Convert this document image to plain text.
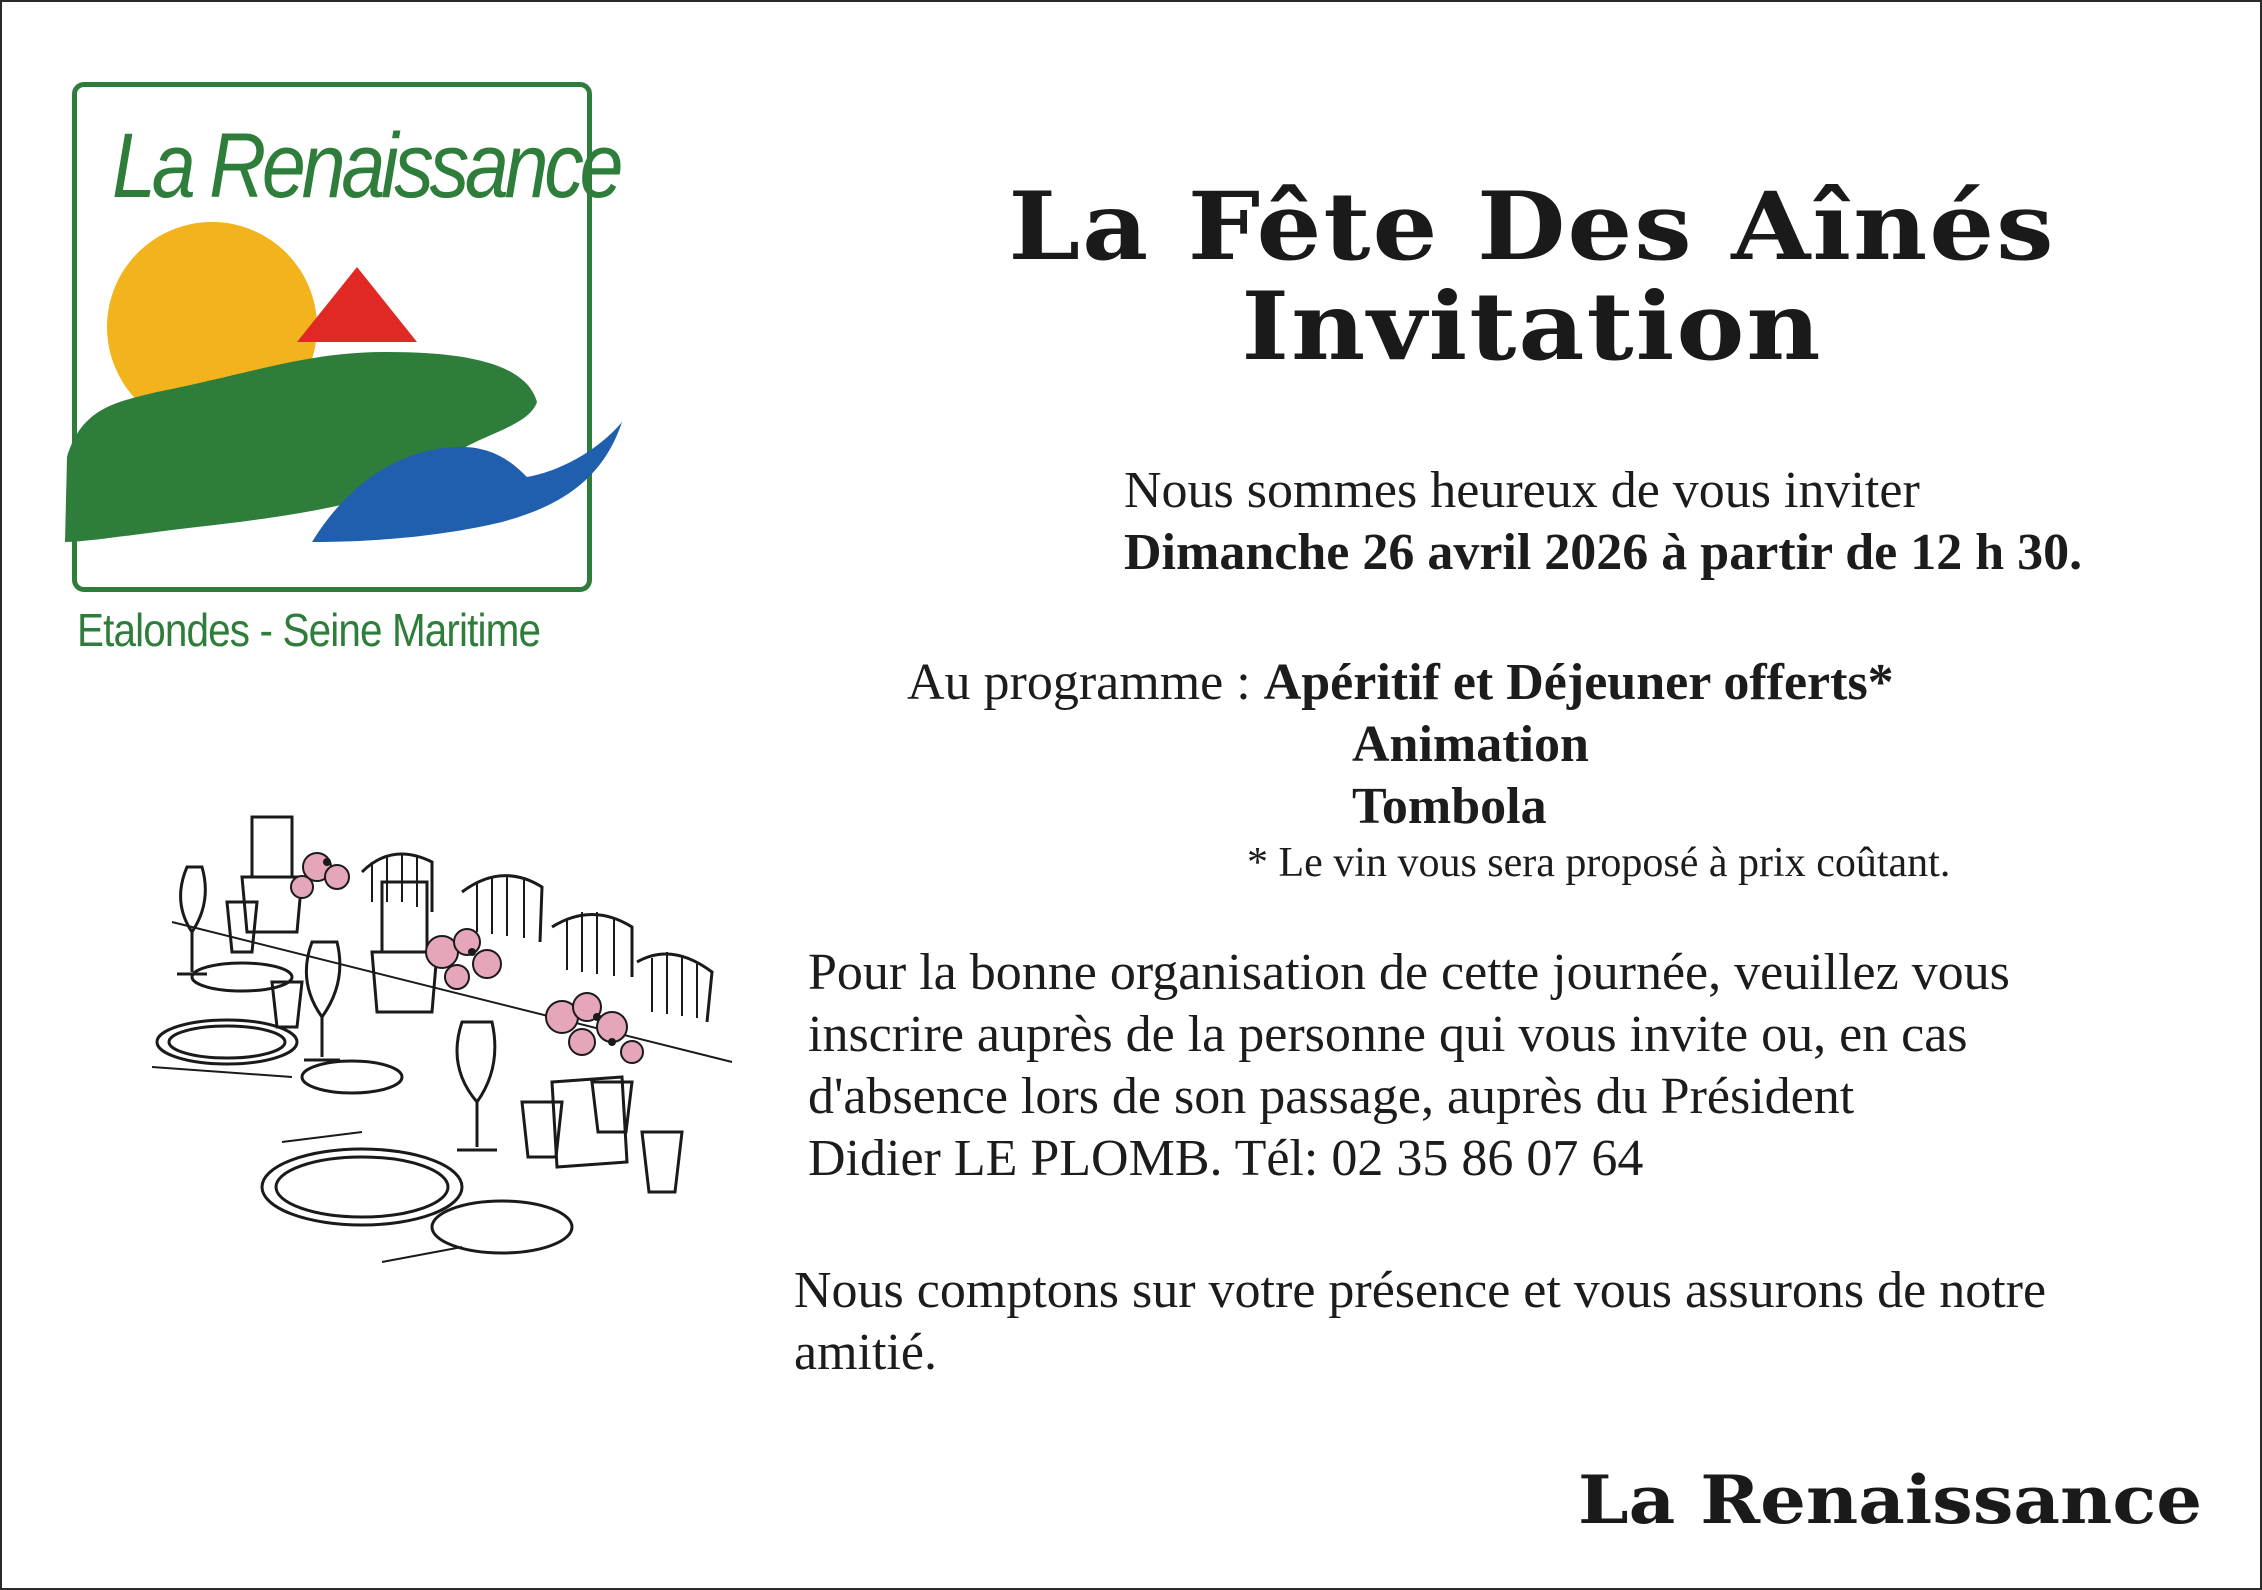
La Renaissance
Etalondes - Seine Maritime
La Fête Des Aînés
Invitation
Nous sommes heureux de vous inviter
Dimanche 26 avril 2026 à partir de 12 h 30.
Au programme : Apéritif et Déjeuner offerts*
Animation
Tombola
* Le vin vous sera proposé à prix coûtant.
Pour la bonne organisation de cette journée, veuillez vous
inscrire auprès de la personne qui vous invite ou, en cas
d'absence lors de son passage, auprès du Président
Didier LE PLOMB. Tél: 02 35 86 07 64
Nous comptons sur votre présence et vous assurons de notre
amitié.
La Renaissance
